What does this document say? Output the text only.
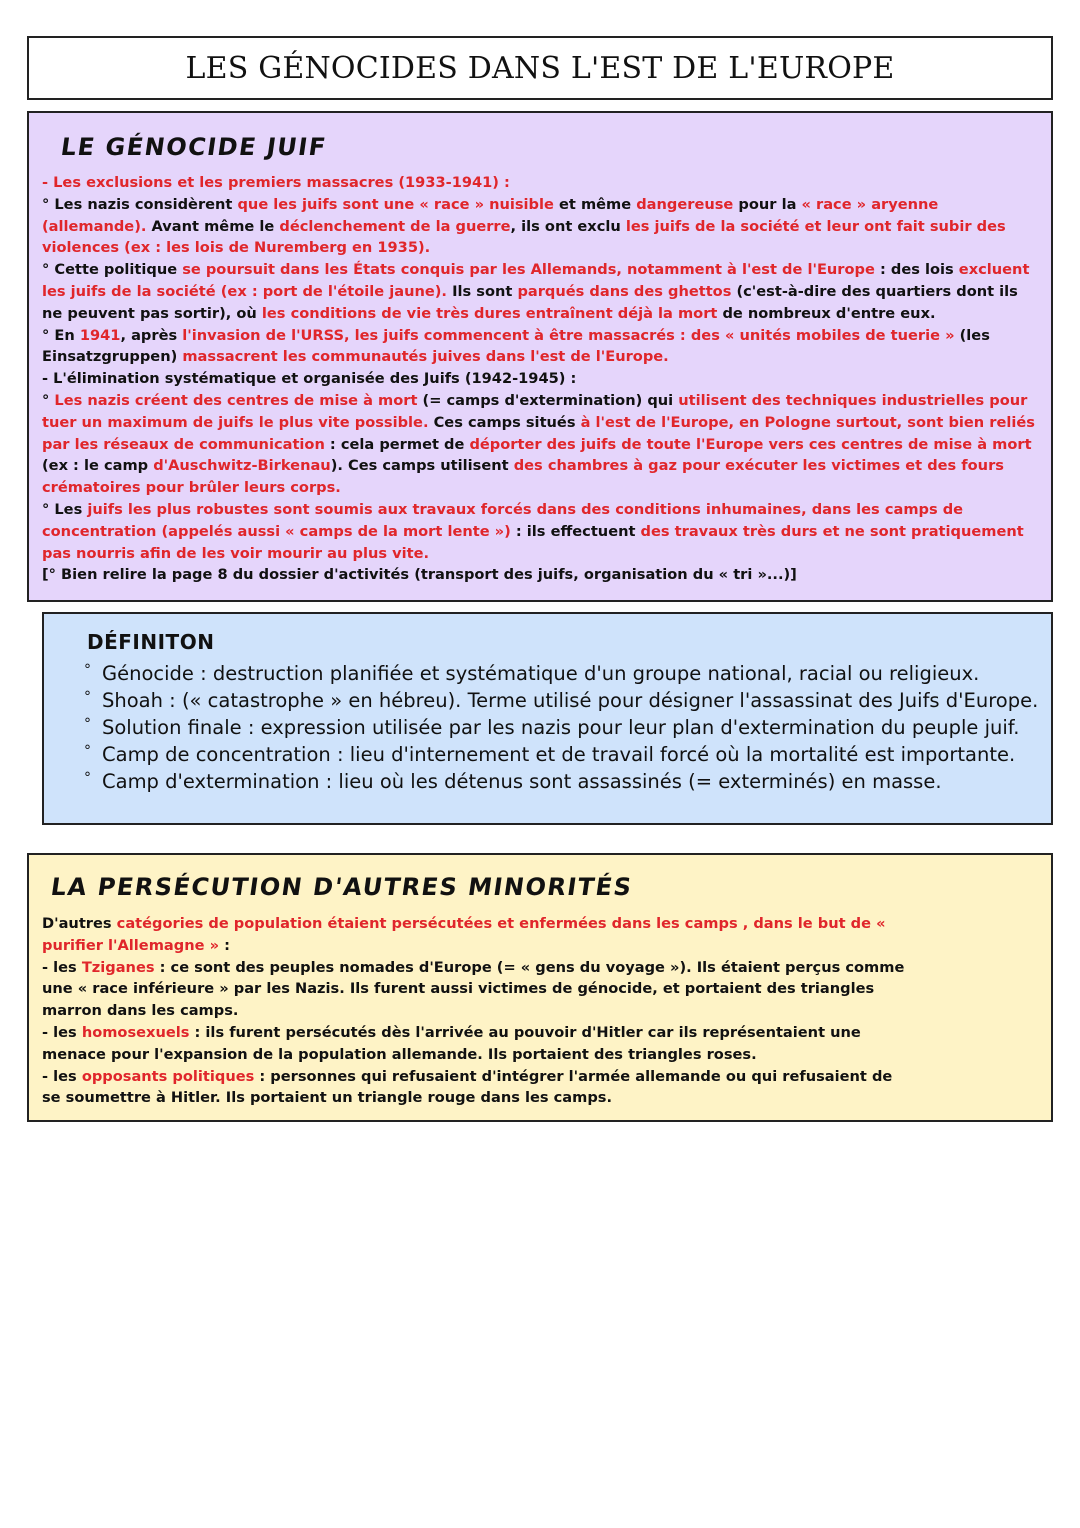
LES GÉNOCIDES DANS L'EST DE L'EUROPE
LE GÉNOCIDE JUIF

- Les exclusions et les premiers massacres (1933-1941) :

° Les nazis considèrent que les juifs sont une « race » nuisible et même dangereuse pour la « race » aryenne (allemande). Avant même le déclenchement de la guerre, ils ont exclu les juifs de la société et leur ont fait subir des violences (ex : les lois de Nuremberg en 1935).

° Cette politique se poursuit dans les États conquis par les Allemands, notamment à l'est de l'Europe : des lois excluent les juifs de la société (ex : port de l'étoile jaune). Ils sont parqués dans des ghettos (c'est-à-dire des quartiers dont ils ne peuvent pas sortir), où les conditions de vie très dures entraînent déjà la mort de nombreux d'entre eux.

° En 1941, après l'invasion de l'URSS, les juifs commencent à être massacrés : des « unités mobiles de tuerie » (les Einsatzgruppen) massacrent les communautés juives dans l'est de l'Europe.

- L'élimination systématique et organisée des Juifs (1942-1945) :

° Les nazis créent des centres de mise à mort (= camps d'extermination) qui utilisent des techniques industrielles pour tuer un maximum de juifs le plus vite possible. Ces camps situés à l'est de l'Europe, en Pologne surtout, sont bien reliés par les réseaux de communication : cela permet de déporter des juifs de toute l'Europe vers ces centres de mise à mort (ex : le camp d'Auschwitz-Birkenau). Ces camps utilisent des chambres à gaz pour exécuter les victimes et des fours crématoires pour brûler leurs corps.

° Les juifs les plus robustes sont soumis aux travaux forcés dans des conditions inhumaines, dans les camps de concentration (appelés aussi « camps de la mort lente ») : ils effectuent des travaux très durs et ne sont pratiquement pas nourris afin de les voir mourir au plus vite.

[° Bien relire la page 8 du dossier d'activités (transport des juifs, organisation du « tri »...)]

DÉFINITON
° Génocide : destruction planifiée et systématique d'un groupe national, racial ou religieux.
° Shoah : (« catastrophe » en hébreu). Terme utilisé pour désigner l'assassinat des Juifs d'Europe.
° Solution finale : expression utilisée par les nazis pour leur plan d'extermination du peuple juif.
° Camp de concentration : lieu d'internement et de travail forcé où la mortalité est importante.
° Camp d'extermination : lieu où les détenus sont assassinés (= exterminés) en masse.
LA PERSÉCUTION D'AUTRES MINORITÉS

D'autres catégories de population étaient persécutées et enfermées dans les camps , dans le but de « purifier l'Allemagne » :

- les Tziganes : ce sont des peuples nomades d'Europe (= « gens du voyage »). Ils étaient perçus comme une « race inférieure » par les Nazis. Ils furent aussi victimes de génocide, et portaient des triangles marron dans les camps.

- les homosexuels : ils furent persécutés dès l'arrivée au pouvoir d'Hitler car ils représentaient une menace pour l'expansion de la population allemande. Ils portaient des triangles roses.

- les opposants politiques : personnes qui refusaient d'intégrer l'armée allemande ou qui refusaient de se soumettre à Hitler. Ils portaient un triangle rouge dans les camps.
